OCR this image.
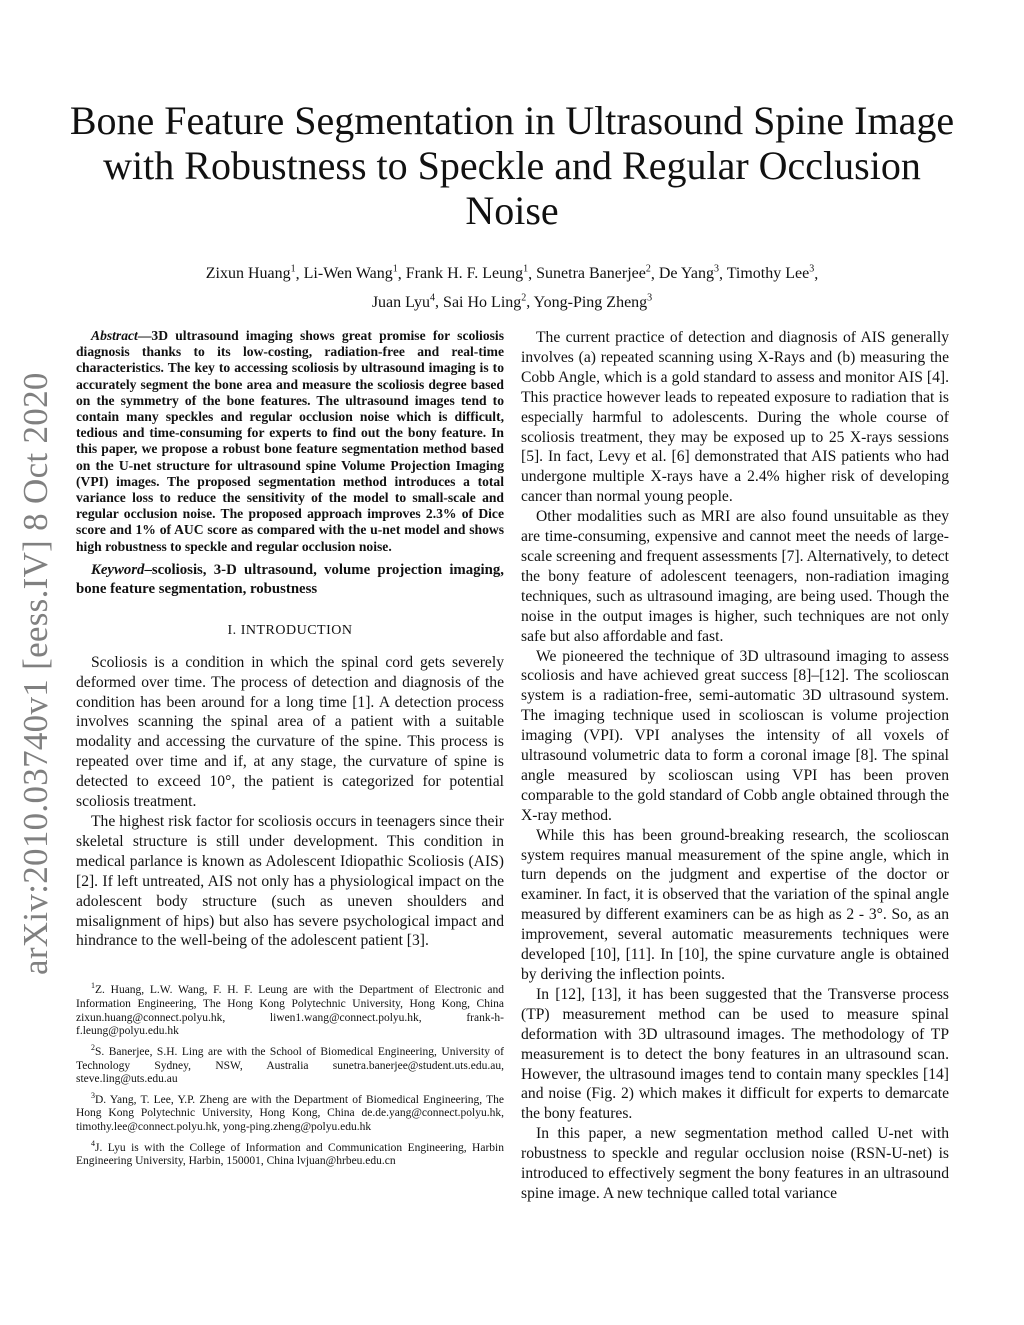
arXiv:2010.03740v1 [eess.IV] 8 Oct 2020
Bone Feature Segmentation in Ultrasound Spine Image with Robustness to Speckle and Regular Occlusion Noise
Zixun Huang$^1$, Li-Wen Wang$^1$, Frank H. F. Leung$^1$, Sunetra Banerjee$^2$, De Yang$^3$, Timothy Lee$^3$,
Juan Lyu$^4$, Sai Ho Ling$^2$, Yong-Ping Zheng$^3$

Abstract—3D ultrasound imaging shows great promise for scoliosis diagnosis thanks to its low-costing, radiation-free and real-time characteristics. The key to accessing scoliosis by ultrasound imaging is to accurately segment the bone area and measure the scoliosis degree based on the symmetry of the bone features. The ultrasound images tend to contain many speckles and regular occlusion noise which is difficult, tedious and time-consuming for experts to find out the bony feature. In this paper, we propose a robust bone feature segmentation method based on the U-net structure for ultrasound spine Volume Projection Imaging (VPI) images. The proposed segmentation method introduces a total variance loss to reduce the sensitivity of the model to small-scale and regular occlusion noise. The proposed approach improves 2.3% of Dice score and 1% of AUC score as compared with the u-net model and shows high robustness to speckle and regular occlusion noise.

Keyword–scoliosis, 3-D ultrasound, volume projection imaging, bone feature segmentation, robustness

I. INTRODUCTION

Scoliosis is a condition in which the spinal cord gets severely deformed over time. The process of detection and diagnosis of the condition has been around for a long time [1]. A detection process involves scanning the spinal area of a patient with a suitable modality and accessing the curvature of the spine. This process is repeated over time and if, at any stage, the curvature of spine is detected to exceed 10°, the patient is categorized for potential scoliosis treatment.

The highest risk factor for scoliosis occurs in teenagers since their skeletal structure is still under development. This condition in medical parlance is known as Adolescent Idiopathic Scoliosis (AIS) [2]. If left untreated, AIS not only has a physiological impact on the adolescent body structure (such as uneven shoulders and misalignment of hips) but also has severe psychological impact and hindrance to the well-being of the adolescent patient [3].

$^1$Z. Huang, L.W. Wang, F. H. F. Leung are with the Department of Electronic and Information Engineering, The Hong Kong Polytechnic University, Hong Kong, China zixun.huang@connect.polyu.hk, liwen1.wang@connect.polyu.hk, frank-h-f.leung@polyu.edu.hk

$^2$S. Banerjee, S.H. Ling are with the School of Biomedical Engineering, University of Technology Sydney, NSW, Australia sunetra.banerjee@student.uts.edu.au, steve.ling@uts.edu.au

$^3$D. Yang, T. Lee, Y.P. Zheng are with the Department of Biomedical Engineering, The Hong Kong Polytechnic University, Hong Kong, China de.de.yang@connect.polyu.hk, timothy.lee@connect.polyu.hk, yong-ping.zheng@polyu.edu.hk

$^4$J. Lyu is with the College of Information and Communication Engineering, Harbin Engineering University, Harbin, 150001, China lvjuan@hrbeu.edu.cn

The current practice of detection and diagnosis of AIS generally involves (a) repeated scanning using X-Rays and (b) measuring the Cobb Angle, which is a gold standard to assess and monitor AIS [4]. This practice however leads to repeated exposure to radiation that is especially harmful to adolescents. During the whole course of scoliosis treatment, they may be exposed up to 25 X-rays sessions [5]. In fact, Levy et al. [6] demonstrated that AIS patients who had undergone multiple X-rays have a 2.4% higher risk of developing cancer than normal young people.

Other modalities such as MRI are also found unsuitable as they are time-consuming, expensive and cannot meet the needs of large-scale screening and frequent assessments [7]. Alternatively, to detect the bony feature of adolescent teenagers, non-radiation imaging techniques, such as ultrasound imaging, are being used. Though the noise in the output images is higher, such techniques are not only safe but also affordable and fast.

We pioneered the technique of 3D ultrasound imaging to assess scoliosis and have achieved great success [8]–[12]. The scolioscan system is a radiation-free, semi-automatic 3D ultrasound system. The imaging technique used in scolioscan is volume projection imaging (VPI). VPI analyses the intensity of all voxels of ultrasound volumetric data to form a coronal image [8]. The spinal angle measured by scolioscan using VPI has been proven comparable to the gold standard of Cobb angle obtained through the X-ray method.

While this has been ground-breaking research, the scolioscan system requires manual measurement of the spine angle, which in turn depends on the judgment and expertise of the doctor or examiner. In fact, it is observed that the variation of the spinal angle measured by different examiners can be as high as 2 - 3°. So, as an improvement, several automatic measurements techniques were developed [10], [11]. In [10], the spine curvature angle is obtained by deriving the inflection points.

In [12], [13], it has been suggested that the Transverse process (TP) measurement method can be used to measure spinal deformation with 3D ultrasound images. The methodology of TP measurement is to detect the bony features in an ultrasound scan. However, the ultrasound images tend to contain many speckles [14] and noise (Fig. 2) which makes it difficult for experts to demarcate the bony features.

In this paper, a new segmentation method called U-net with robustness to speckle and regular occlusion noise (RSN-U-net) is introduced to effectively segment the bony features in an ultrasound spine image. A new technique called total variance
